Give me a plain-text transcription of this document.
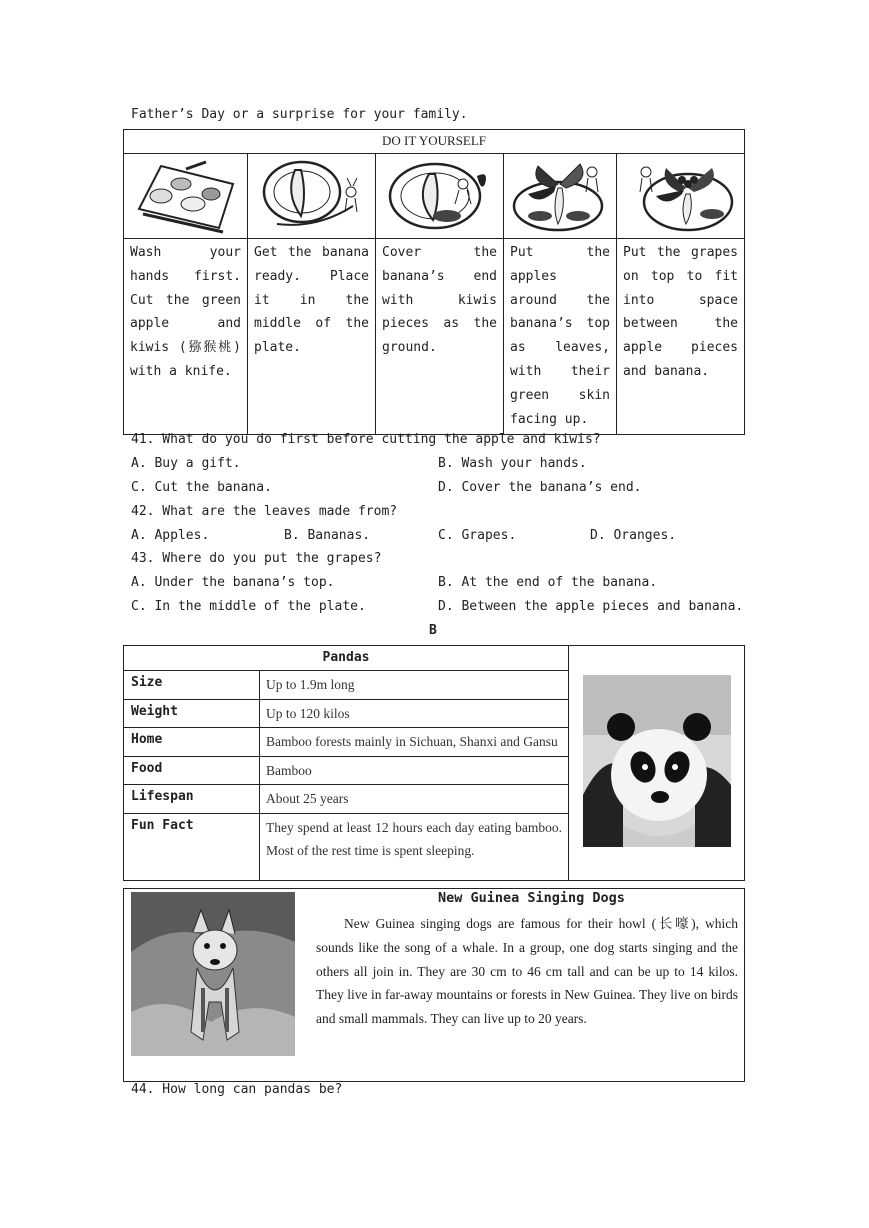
Father’s Day or a surprise for your family.
DO IT YOURSELF				

Wash your hands first. Cut the green apple and kiwis (猕猴桃) with a knife.	Get the banana ready. Place it in the middle of the plate.	Cover the banana’s end with kiwis pieces as the ground.	Put the apples around the banana’s top as leaves, with their green skin facing up.	Put the grapes on top to fit into space between the apple pieces and banana.
41. What do you do first before cutting the apple and kiwis?
A. Buy a gift.	B. Wash your hands.
C. Cut the banana.	D. Cover the banana’s end.
42. What are the leaves made from?
A. Apples.	B. Bananas.	C. Grapes.	D. Oranges.
43. Where do you put the grapes?
A. Under the banana’s top.	B. At the end of the banana.
C. In the middle of the plate.	D. Between the apple pieces and banana.
B
Pandas	
Size	Up to 1.9m long	
Weight	Up to 120 kilos	
Home	Bamboo forests mainly in Sichuan, Shanxi and Gansu	
Food	Bamboo	
Lifespan	About 25 years	
Fun Fact	They spend at least 12 hours each day eating bamboo. Most of the rest time is spent sleeping.	
New Guinea Singing Dogs
New Guinea singing dogs are famous for their howl (长嚎), which sounds like the song of a whale. In a group, one dog starts singing and the others all join in. They are 30 cm to 46 cm tall and can be up to 14 kilos. They live in far-away mountains or forests in New Guinea. They live on birds and small mammals. They can live up to 20 years.
44. How long can pandas be?
